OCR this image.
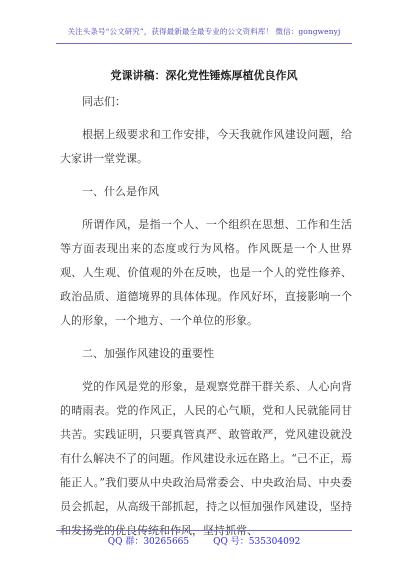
关注头条号“公文研究”，获得最新最全最专业的公文资料库！ 微信：gongwenyj
党课讲稿：深化党性锤炼厚植优良作风

同志们：

根据上级要求和工作安排，今天我就作风建设问题，给大家讲一堂党课。

一、什么是作风

所谓作风，是指一个人、一个组织在思想、工作和生活等方面表现出来的态度或行为风格。作风既是一个人世界观、人生观、价值观的外在反映，也是一个人的党性修养、政治品质、道德境界的具体体现。作风好坏，直接影响一个人的形象，一个地方、一个单位的形象。

二、加强作风建设的重要性

党的作风是党的形象，是观察党群干群关系、人心向背的晴雨表。党的作风正，人民的心气顺，党和人民就能同甘共苦。实践证明，只要真管真严、敢管敢严，党风建设就没有什么解决不了的问题。作风建设永远在路上。“己不正，焉能正人。”我们要从中央政治局常委会、中央政治局、中央委员会抓起，从高级干部抓起，持之以恒加强作风建设，坚持和发扬党的优良传统和作风，坚持抓常、

QQ 群：30265665	QQ 号：535304092
